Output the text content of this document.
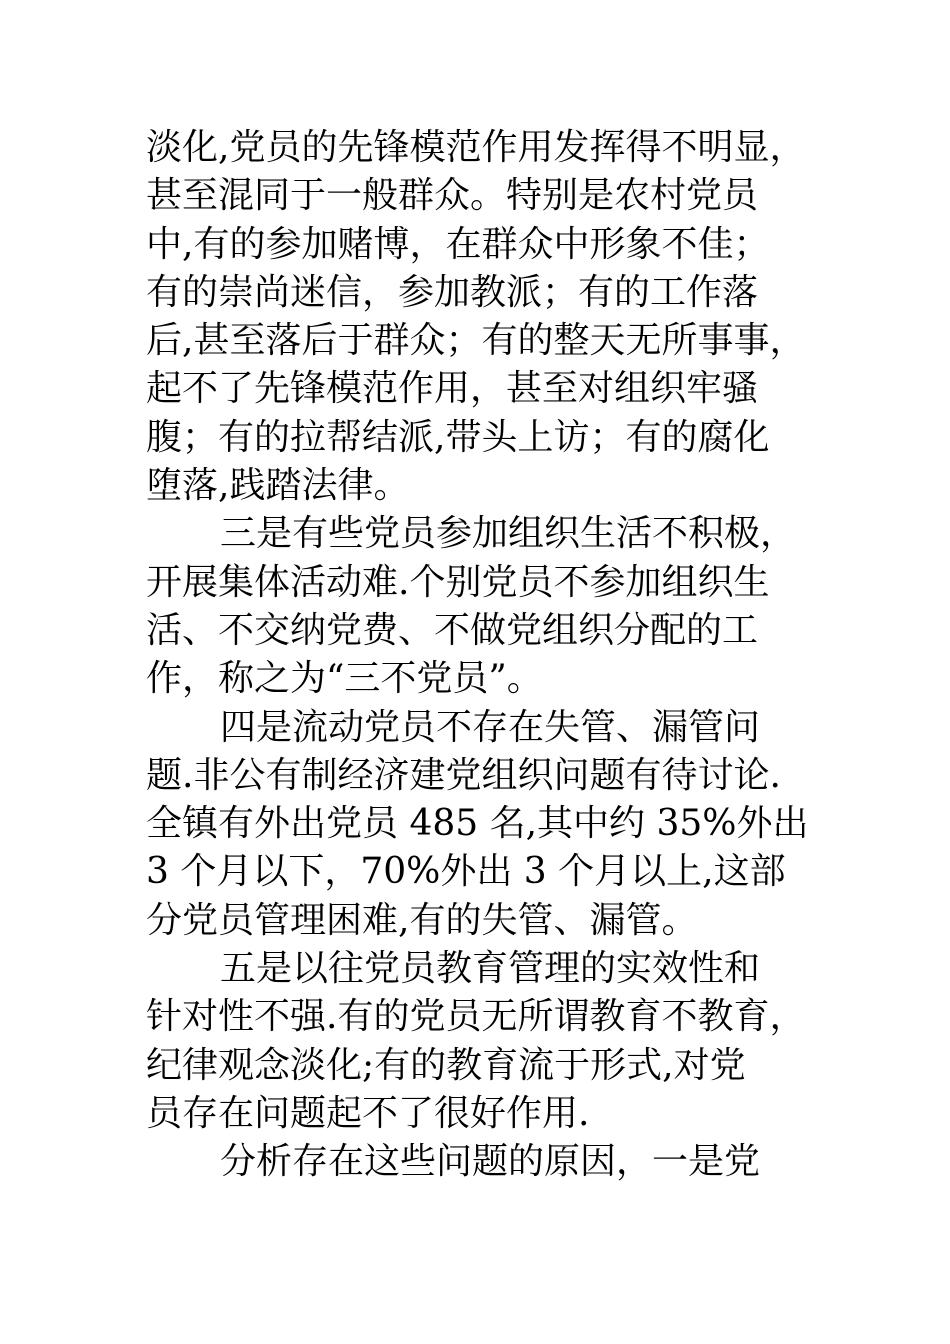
淡化,党员的先锋模范作用发挥得不明显，
甚至混同于一般群众。特别是农村党员
中,有的参加赌博，在群众中形象不佳；
有的崇尚迷信，参加教派；有的工作落
后,甚至落后于群众；有的整天无所事事，
起不了先锋模范作用，甚至对组织牢骚
腹；有的拉帮结派,带头上访；有的腐化
堕落,践踏法律。
三是有些党员参加组织生活不积极，
开展集体活动难.个别党员不参加组织生
活、不交纳党费、不做党组织分配的工
作，称之为“三不党员”。
四是流动党员不存在失管、漏管问
题.非公有制经济建党组织问题有待讨论.
全镇有外出党员 485 名,其中约 35%外出
3 个月以下，70%外出 3 个月以上,这部
分党员管理困难,有的失管、漏管。
五是以往党员教育管理的实效性和
针对性不强.有的党员无所谓教育不教育，
纪律观念淡化;有的教育流于形式,对党
员存在问题起不了很好作用.
分析存在这些问题的原因，一是党
